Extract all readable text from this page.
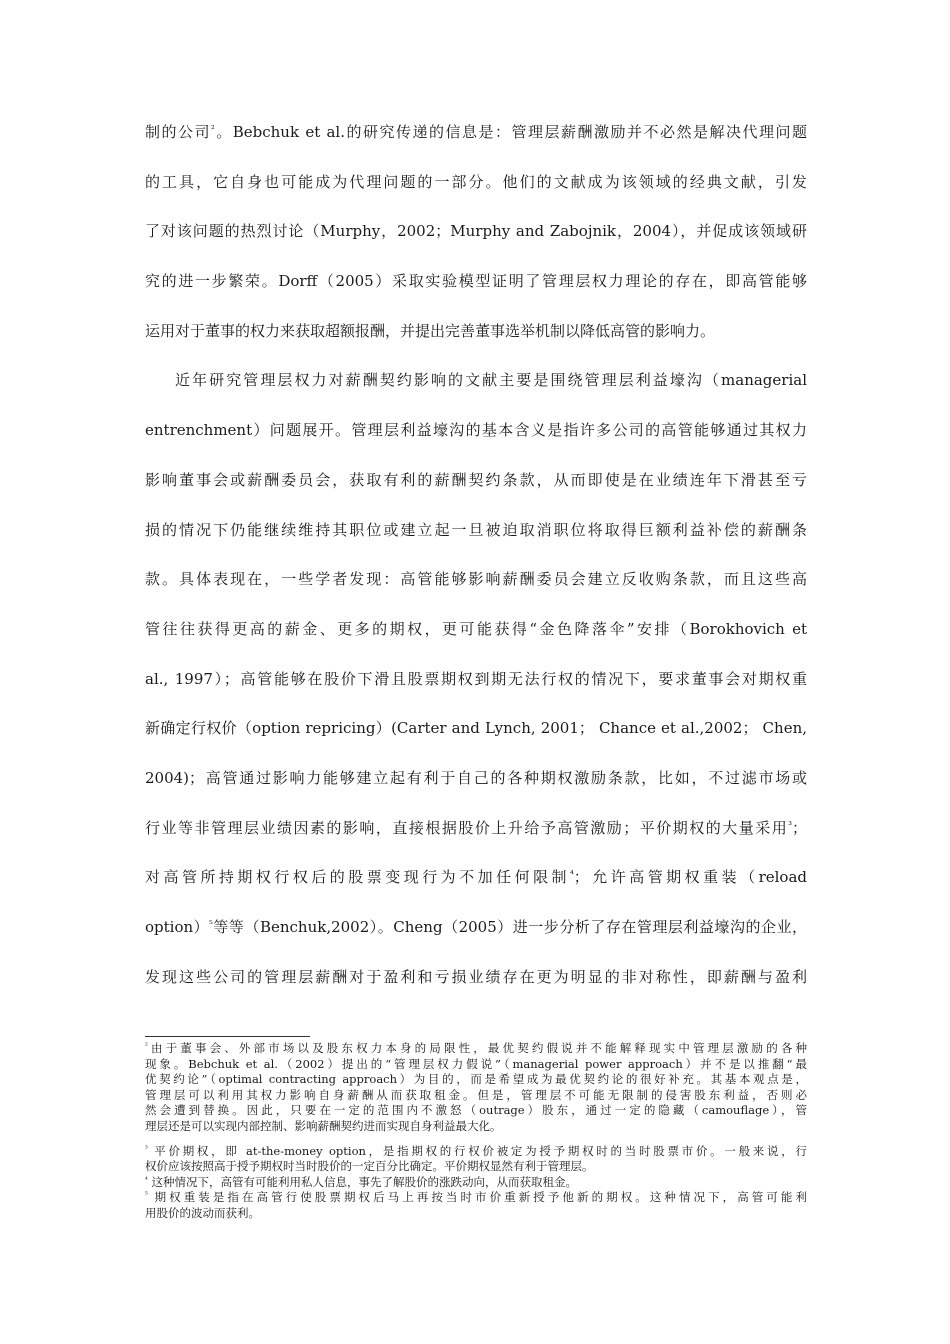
制的公司$^{^2}$。Bebchuk et al.的研究传递的信息是：管理层薪酬激励并不必然是解决代理问题
的工具，它自身也可能成为代理问题的一部分。他们的文献成为该领域的经典文献，引发
了对该问题的热烈讨论（Murphy，2002；Murphy and Zabojnik，2004），并促成该领域研
究的进一步繁荣。Dorff（2005）采取实验模型证明了管理层权力理论的存在，即高管能够
运用对于董事的权力来获取超额报酬，并提出完善董事选举机制以降低高管的影响力。
近年研究管理层权力对薪酬契约影响的文献主要是围绕管理层利益壕沟（managerial
entrenchment）问题展开。管理层利益壕沟的基本含义是指许多公司的高管能够通过其权力
影响董事会或薪酬委员会，获取有利的薪酬契约条款，从而即使是在业绩连年下滑甚至亏
损的情况下仍能继续维持其职位或建立起一旦被迫取消职位将取得巨额利益补偿的薪酬条
款。具体表现在，一些学者发现：高管能够影响薪酬委员会建立反收购条款，而且这些高
管往往获得更高的薪金、更多的期权，更可能获得“金色降落伞”安排（Borokhovich et
al., 1997）；高管能够在股价下滑且股票期权到期无法行权的情况下，要求董事会对期权重
新确定行权价（option repricing）(Carter and Lynch, 2001； Chance et al.,2002； Chen,
2004)；高管通过影响力能够建立起有利于自己的各种期权激励条款，比如，不过滤市场或
行业等非管理层业绩因素的影响，直接根据股价上升给予高管激励；平价期权的大量采用$^{^3}$；
对高管所持期权行权后的股票变现行为不加任何限制$^{^4}$；允许高管期权重装（reload
option）$^{^5}$等等（Benchuk,2002）。Cheng（2005）进一步分析了存在管理层利益壕沟的企业，
发现这些公司的管理层薪酬对于盈利和亏损业绩存在更为明显的非对称性，即薪酬与盈利
$^{^2}$由于董事会、外部市场以及股东权力本身的局限性，最优契约假说并不能解释现实中管理层激励的各种
现象。Bebchuk et al.（2002）提出的“管理层权力假说”（managerial power approach）并不是以推翻“最
优契约论”（optimal contracting approach）为目的，而是希望成为最优契约论的很好补充。其基本观点是，
管理层可以利用其权力影响自身薪酬从而获取租金。但是，管理层不可能无限制的侵害股东利益，否则必
然会遭到替换。因此，只要在一定的范围内不激怒（outrage）股东，通过一定的隐藏（camouflage），管
理层还是可以实现内部控制、影响薪酬契约进而实现自身利益最大化。
$^{^3}$ 平价期权，即 at-the-money option，是指期权的行权价被定为授予期权时的当时股票市价。一般来说，行
权价应该按照高于授予期权时当时股价的一定百分比确定。平价期权显然有利于管理层。
$^{^4}$ 这种情况下，高管有可能利用私人信息，事先了解股价的涨跌动向，从而获取租金。
$^{^5}$ 期权重装是指在高管行使股票期权后马上再按当时市价重新授予他新的期权。这种情况下，高管可能利
用股价的波动而获利。
